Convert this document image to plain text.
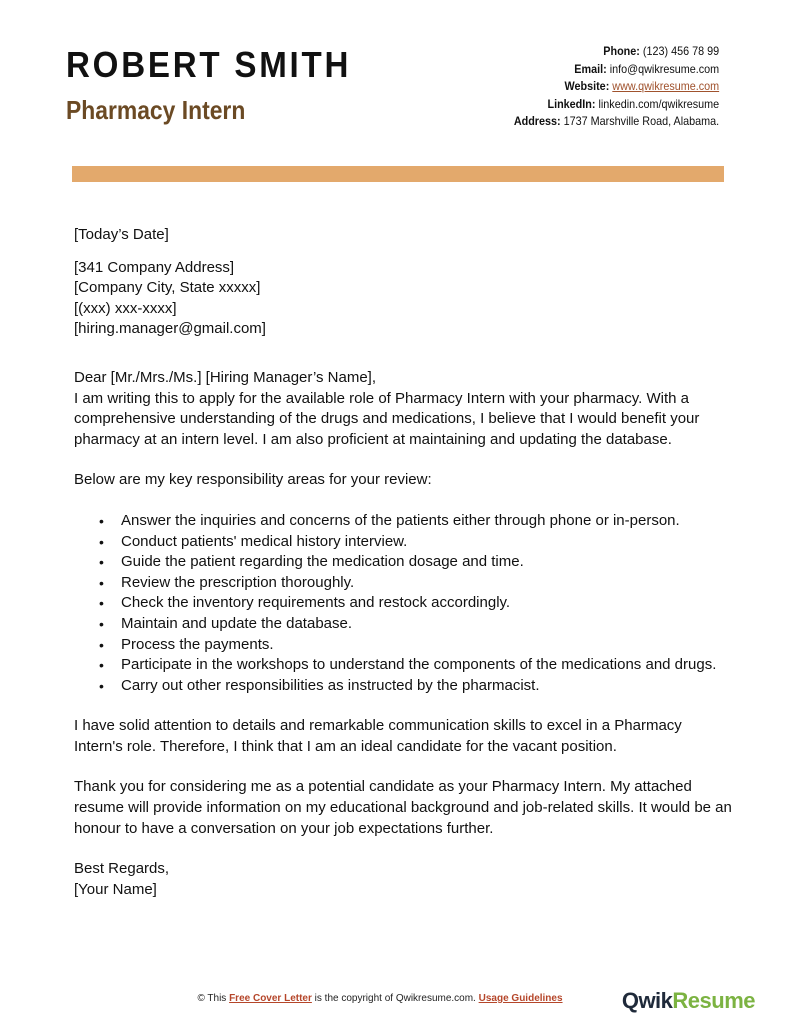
ROBERT SMITH
Pharmacy Intern
Phone: (123) 456 78 99
Email: info@qwikresume.com
Website: www.qwikresume.com
LinkedIn: linkedin.com/qwikresume
Address: 1737 Marshville Road, Alabama.

[Today’s Date]

[341 Company Address]

[Company City, State xxxxx]

[(xxx) xxx-xxxx]

[hiring.manager@gmail.com]

Dear [Mr./Mrs./Ms.] [Hiring Manager’s Name],

I am writing this to apply for the available role of Pharmacy Intern with your pharmacy. With a comprehensive understanding of the drugs and medications, I believe that I would benefit your pharmacy at an intern level. I am also proficient at maintaining and updating the database.

Below are my key responsibility areas for your review:

• Answer the inquiries and concerns of the patients either through phone or in-person.
• Conduct patients' medical history interview.
• Guide the patient regarding the medication dosage and time.
• Review the prescription thoroughly.
• Check the inventory requirements and restock accordingly.
• Maintain and update the database.
• Process the payments.
• Participate in the workshops to understand the components of the medications and drugs.
• Carry out other responsibilities as instructed by the pharmacist.

I have solid attention to details and remarkable communication skills to excel in a Pharmacy Intern's role. Therefore, I think that I am an ideal candidate for the vacant position.

Thank you for considering me as a potential candidate as your Pharmacy Intern. My attached resume will provide information on my educational background and job-related skills. It would be an honour to have a conversation on your job expectations further.

Best Regards,

[Your Name]

© This Free Cover Letter is the copyright of Qwikresume.com. Usage Guidelines	QwikResume
